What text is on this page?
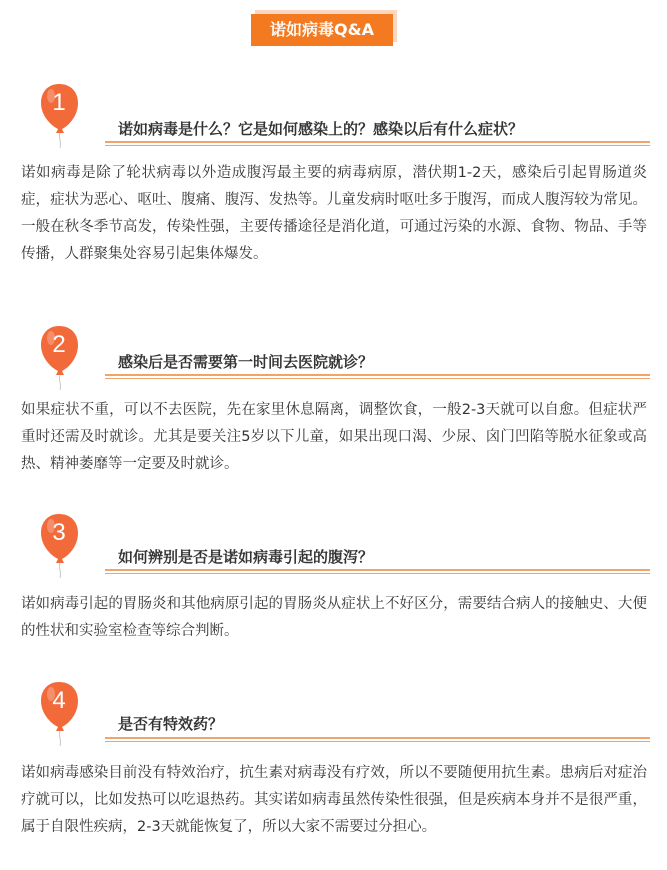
诺如病毒Q&A
1
诺如病毒是什么？它是如何感染上的？感染以后有什么症状？

诺如病毒是除了轮状病毒以外造成腹泻最主要的病毒病原，潜伏期1-2天，感染后引起胃肠道炎症，症状为恶心、呕吐、腹痛、腹泻、发热等。儿童发病时呕吐多于腹泻，而成人腹泻较为常见。一般在秋冬季节高发，传染性强，主要传播途径是消化道，可通过污染的水源、食物、物品、手等传播，人群聚集处容易引起集体爆发。

2
感染后是否需要第一时间去医院就诊？

如果症状不重，可以不去医院，先在家里休息隔离，调整饮食，一般2-3天就可以自愈。但症状严重时还需及时就诊。尤其是要关注5岁以下儿童，如果出现口渴、少尿、囟门凹陷等脱水征象或高热、精神萎靡等一定要及时就诊。

3
如何辨别是否是诺如病毒引起的腹泻？

诺如病毒引起的胃肠炎和其他病原引起的胃肠炎从症状上不好区分，需要结合病人的接触史、大便的性状和实验室检查等综合判断。

4
是否有特效药？

诺如病毒感染目前没有特效治疗，抗生素对病毒没有疗效，所以不要随便用抗生素。患病后对症治疗就可以，比如发热可以吃退热药。其实诺如病毒虽然传染性很强，但是疾病本身并不是很严重，属于自限性疾病，2-3天就能恢复了，所以大家不需要过分担心。
